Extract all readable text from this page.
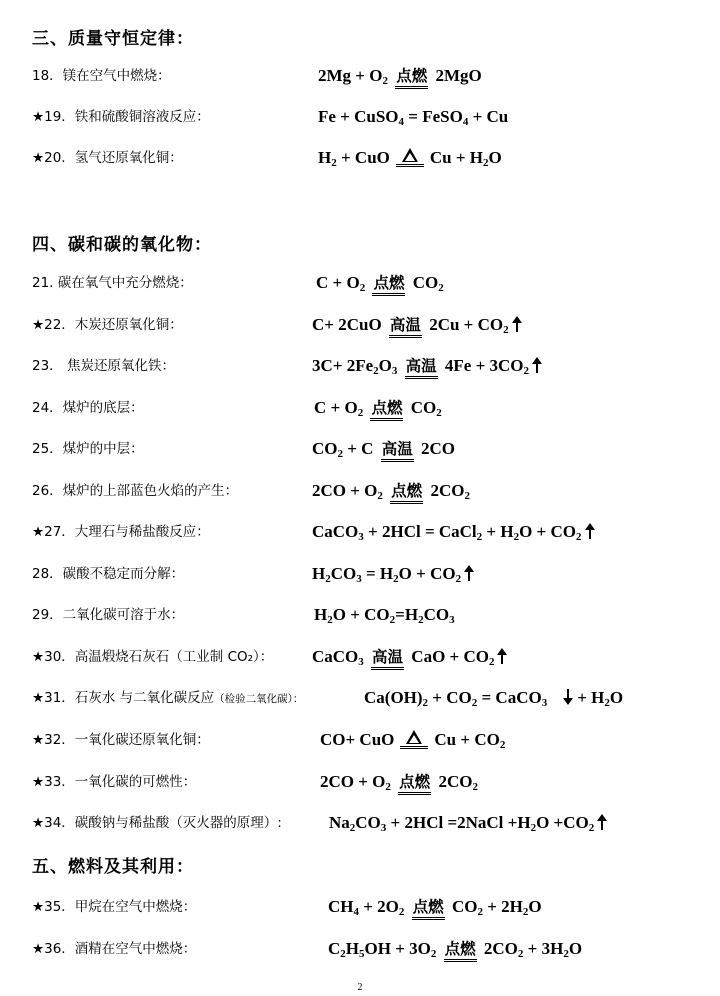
三、质量守恒定律：
18．镁在空气中燃烧：	$2Mg + O_2$ 点燃 2MgO
★19．铁和硫酸铜溶液反应：	Fe + CuSO$_4$ = FeSO$_4$ + Cu
★20．氢气还原氧化铜：	$H_2$ + CuO $Cu + H_2O$
四、碳和碳的氧化物：
21. 碳在氧气中充分燃烧：	$C + O_2$ 点燃 $CO_2$
★22．木炭还原氧化铜：	C+ 2CuO 高温 $2Cu + CO_2$
23． 焦炭还原氧化铁：	$3C+ 2Fe_2O_3$ 高温 $4Fe + 3CO_2$
24．煤炉的底层：	$C + O_2$ 点燃 $CO_2$
25．煤炉的中层：	$CO_2 + C$ 高温 2CO
26．煤炉的上部蓝色火焰的产生：	$2CO + O_2$ 点燃 $2CO_2$
★27．大理石与稀盐酸反应：	CaCO$_3$ + 2HCl = CaCl$_2$ + $H_2O + CO_2$
28．碳酸不稳定而分解：	$H_2CO_3 = H_2O + CO_2$
29．二氧化碳可溶于水：	$H_2O + CO_2=H_2CO_3$
★30．高温煅烧石灰石（工业制 CO₂）： CaCO$_3$ 高温 CaO + $CO_2$
★31．石灰水 与二氧化碳反应（检验二氧化碳）：	$Ca(OH)_2 + CO_2$ = CaCO$_3$    + $H_2O$
★32．一氧化碳还原氧化铜：	CO+ CuO $Cu + CO_2$
★33．一氧化碳的可燃性：	$2CO + O_2$ 点燃 $2CO_2$
★34．碳酸钠与稀盐酸（灭火器的原理）:	$Na_2CO_3 + 2HCl$ =2NaCl $+H_2O +CO_2$
五、燃料及其利用：
★35．甲烷在空气中燃烧：	$CH_4 + 2O_2$ 点燃 $CO_2 + 2H_2O$
★36．酒精在空气中燃烧：	$C_2H_5OH + 3O_2$ 点燃 $2CO_2 + 3H_2O$
2
